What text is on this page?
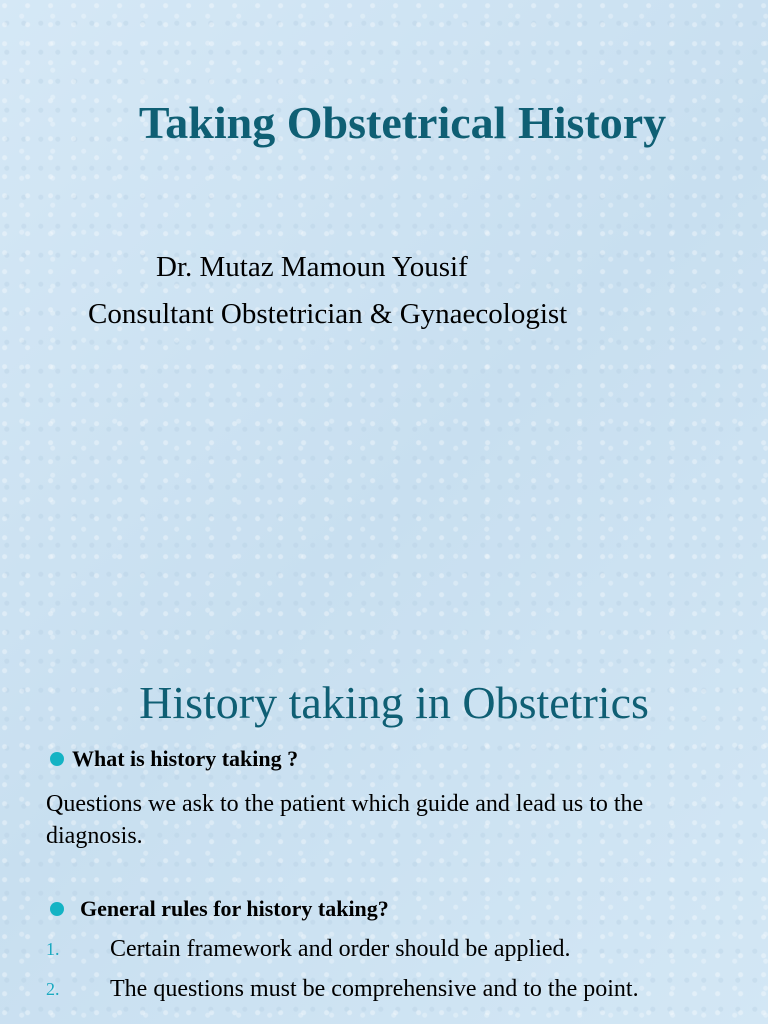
Taking Obstetrical History

Dr. Mutaz Mamoun Yousif

Consultant Obstetrician & Gynaecologist

History taking in Obstetrics
What is history taking ?

Questions we ask to the patient which guide and lead us to the diagnosis.

General rules for history taking?
1.	Certain framework and order should be applied.
2.	The questions must be comprehensive and to the point.
